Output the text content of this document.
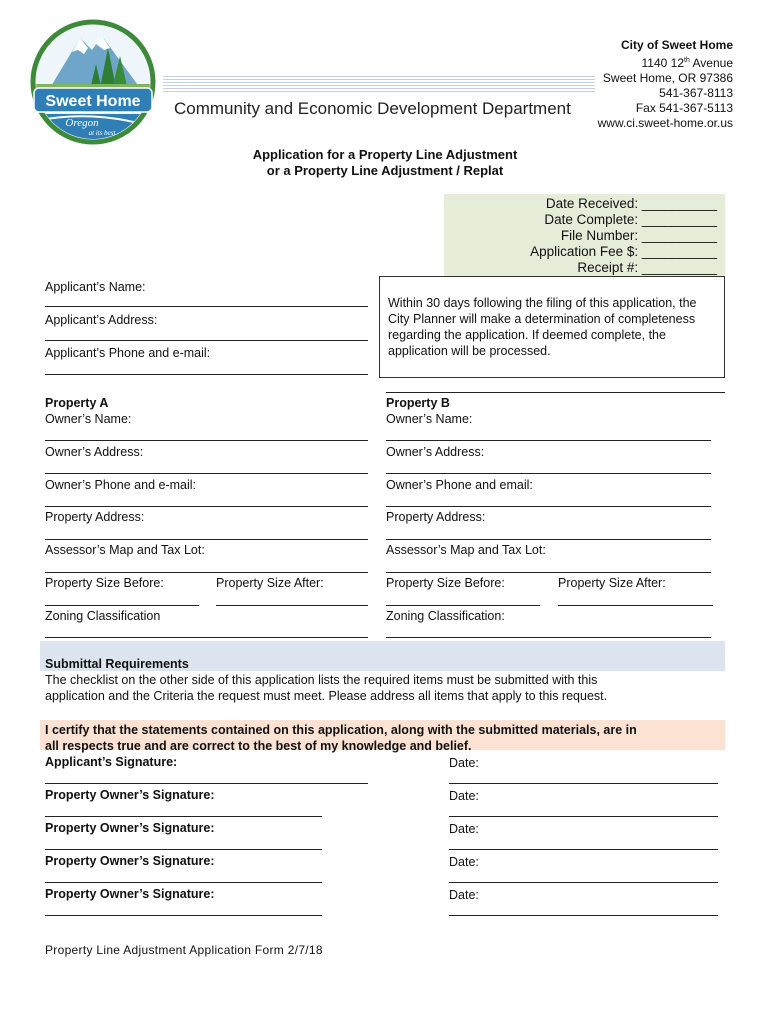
Sweet Home
Oregon
at its best
Community and Economic Development Department
City of Sweet Home
1140 12th Avenue
Sweet Home, OR 97386
541-367-8113
Fax 541-367-5113
www.ci.sweet-home.or.us
Application for a Property Line Adjustment
or a Property Line Adjustment / Replat
Date Received: __________
Date Complete: __________
File Number: __________
Application Fee $: __________
Receipt #: __________
Applicant’s Name:
Applicant’s Address:
Applicant’s Phone and e-mail:
Within 30 days following the filing of this application, the City Planner will make a determination of completeness regarding the application. If deemed complete, the application will be processed.
Property A
Owner’s Name:
Owner’s Address:
Owner’s Phone and e-mail:
Property Address:
Assessor’s Map and Tax Lot:
Property Size Before:	Property Size After:
Zoning Classification
Property B
Owner’s Name:
Owner’s Address:
Owner’s Phone and email:
Property Address:
Assessor’s Map and Tax Lot:
Property Size Before:	Property Size After:
Zoning Classification:
Submittal Requirements
The checklist on the other side of this application lists the required items must be submitted with this
application and the Criteria the request must meet. Please address all items that apply to this request.
I certify that the statements contained on this application, along with the submitted materials, are in
all respects true and are correct to the best of my knowledge and belief.
Applicant’s Signature:	Date:
Property Owner’s Signature:	Date:
Property Owner’s Signature:	Date:
Property Owner’s Signature:	Date:
Property Owner’s Signature:	Date:
Property Line Adjustment Application Form 2/7/18
